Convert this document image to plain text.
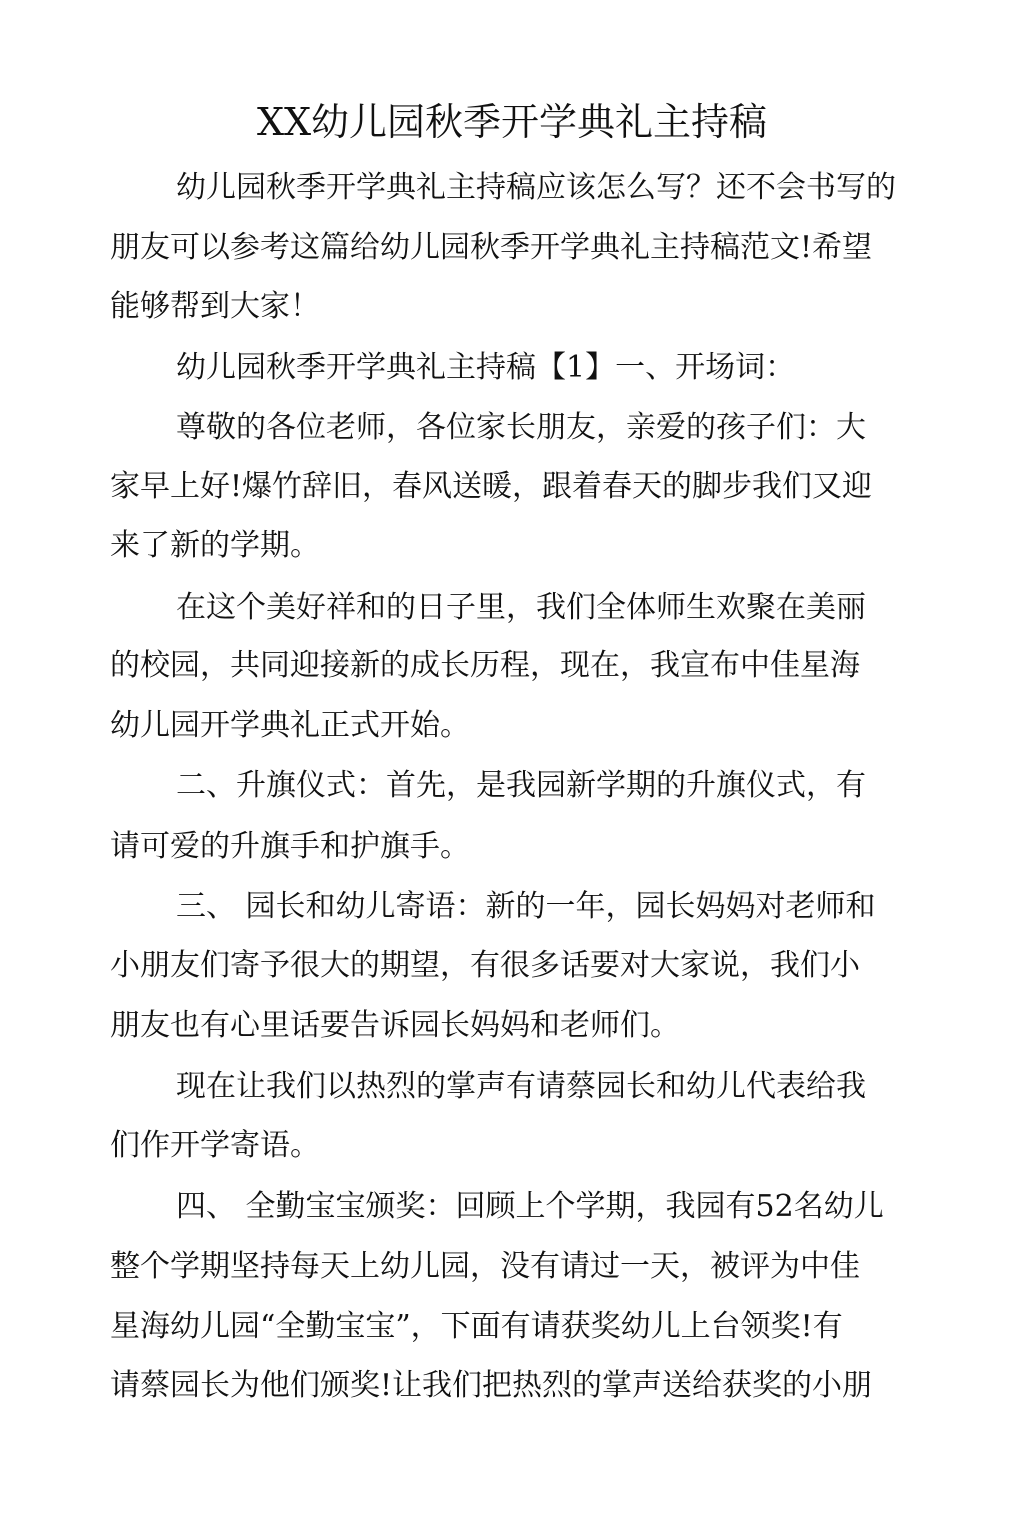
XX幼儿园秋季开学典礼主持稿
幼儿园秋季开学典礼主持稿应该怎么写？还不会书写的
朋友可以参考这篇给幼儿园秋季开学典礼主持稿范文!希望
能够帮到大家！
幼儿园秋季开学典礼主持稿【1】一、开场词：
尊敬的各位老师，各位家长朋友，亲爱的孩子们：大
家早上好!爆竹辞旧，春风送暖，跟着春天的脚步我们又迎
来了新的学期。
在这个美好祥和的日子里，我们全体师生欢聚在美丽
的校园，共同迎接新的成长历程，现在，我宣布中佳星海
幼儿园开学典礼正式开始。
二、升旗仪式：首先，是我园新学期的升旗仪式，有
请可爱的升旗手和护旗手。
三、 园长和幼儿寄语：新的一年，园长妈妈对老师和
小朋友们寄予很大的期望，有很多话要对大家说，我们小
朋友也有心里话要告诉园长妈妈和老师们。
现在让我们以热烈的掌声有请蔡园长和幼儿代表给我
们作开学寄语。
四、 全勤宝宝颁奖：回顾上个学期，我园有52名幼儿
整个学期坚持每天上幼儿园，没有请过一天，被评为中佳
星海幼儿园“全勤宝宝”，下面有请获奖幼儿上台领奖!有
请蔡园长为他们颁奖!让我们把热烈的掌声送给获奖的小朋
